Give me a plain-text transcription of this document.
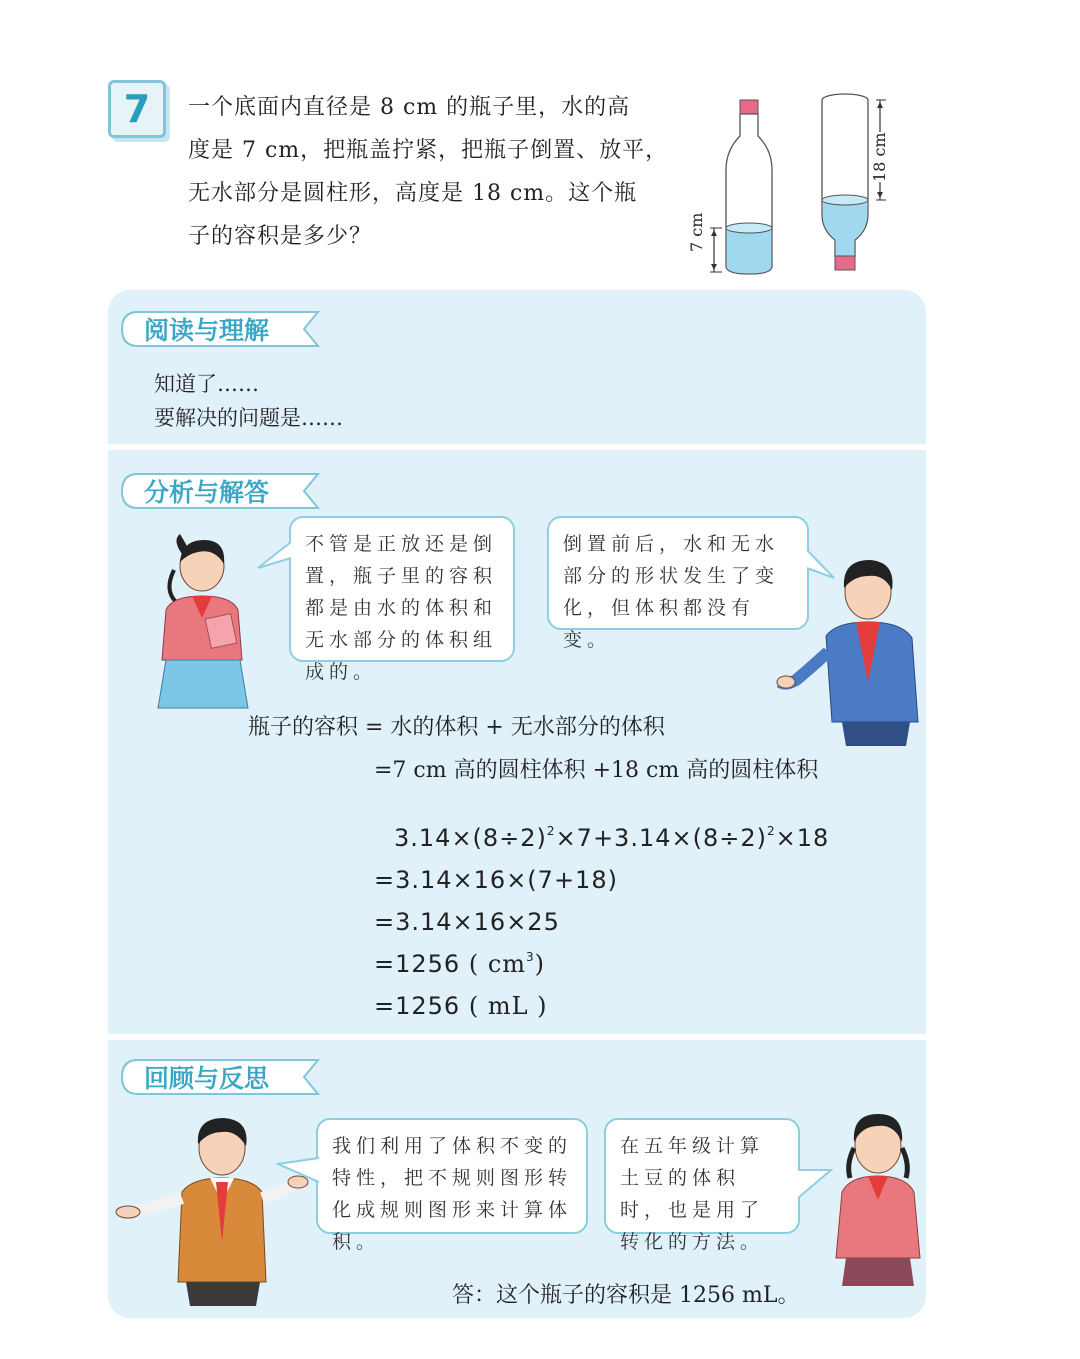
7	一个底面内直径是 8 cm 的瓶子里，水的高
度是 7 cm，把瓶盖拧紧，把瓶子倒置、放平，
无水部分是圆柱形，高度是 18 cm。这个瓶
子的容积是多少？	7 cm
18 cm
阅读与理解
分析与解答
回顾与反思
知道了……
要解决的问题是……
不管是正放还是倒置，瓶子里的容积都是由水的体积和无水部分的体积组成的。
倒置前后，水和无水部分的形状发生了变化，但体积都没有变。
瓶子的容积 = 水的体积 + 无水部分的体积
=7 cm 高的圆柱体积 +18 cm 高的圆柱体积
$3.14\times(8\div 2)^2\times 7+3.14\times(8\div 2)^2\times 18$
=3.14×16×(7+18)
=3.14×16×25
=1256 ( $cm^3$)
=1256 ( mL )
我们利用了体积不变的特性，把不规则图形转化成规则图形来计算体积。
在五年级计算土豆的体积时，也是用了转化的方法。
答：这个瓶子的容积是 1256 mL。
